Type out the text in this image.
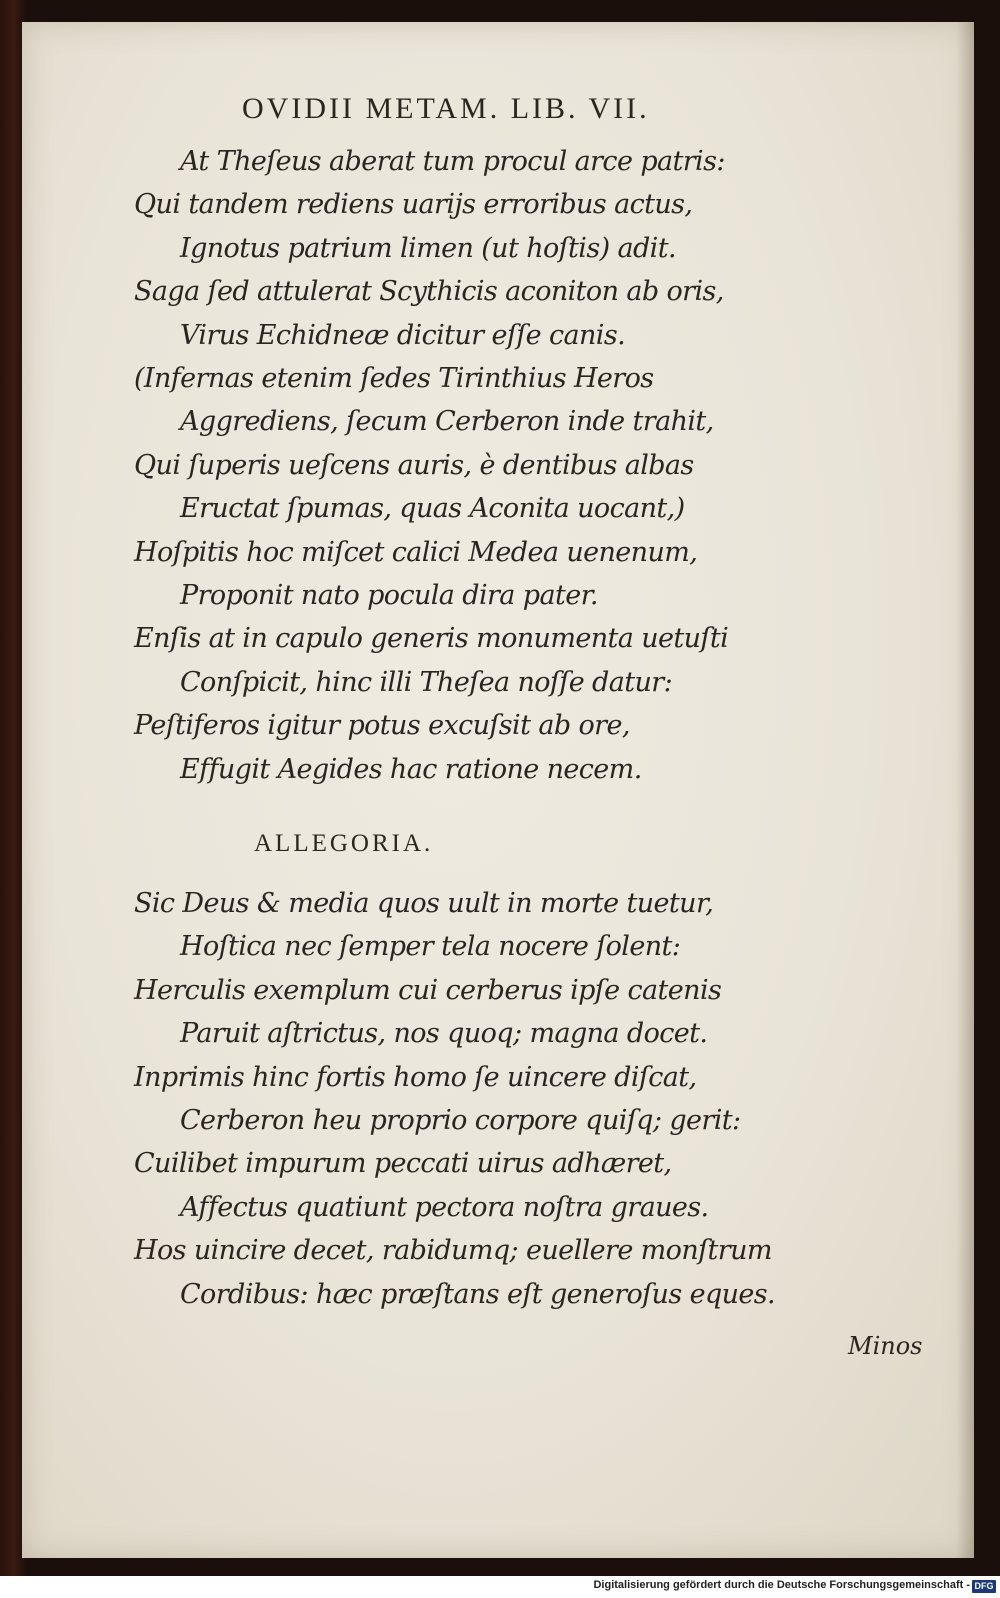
OVIDII METAM. LIB. VII.
At Theſeus aberat tum procul arce patris:
Qui tandem rediens uarijs erroribus actus,
Ignotus patrium limen (ut hoſtis) adit.
Saga ſed attulerat Scythicis aconiton ab oris,
Virus Echidneæ dicitur eſſe canis.
(Infernas etenim ſedes Tirinthius Heros
Aggrediens, ſecum Cerberon inde trahit,
Qui ſuperis ueſcens auris, è dentibus albas
Eructat ſpumas, quas Aconita uocant,)
Hoſpitis hoc miſcet calici Medea uenenum,
Proponit nato pocula dira pater.
Enſis at in capulo generis monumenta uetuſti
Conſpicit, hinc illi Theſea noſſe datur:
Peſtiferos igitur potus excuſsit ab ore,
Effugit Aegides hac ratione necem.
ALLEGORIA.
Sic Deus & media quos uult in morte tuetur,
Hoſtica nec ſemper tela nocere ſolent:
Herculis exemplum cui cerberus ipſe catenis
Paruit aſtrictus, nos quoq; magna docet.
Inprimis hinc fortis homo ſe uincere diſcat,
Cerberon heu proprio corpore quiſq; gerit:
Cuilibet impurum peccati uirus adhæret,
Affectus quatiunt pectora noſtra graues.
Hos uincire decet, rabidumq; euellere monſtrum
Cordibus: hæc præſtans eſt generoſus eques.
Minos
Digitalisierung gefördert durch die Deutsche Forschungsgemeinschaft - DFG
